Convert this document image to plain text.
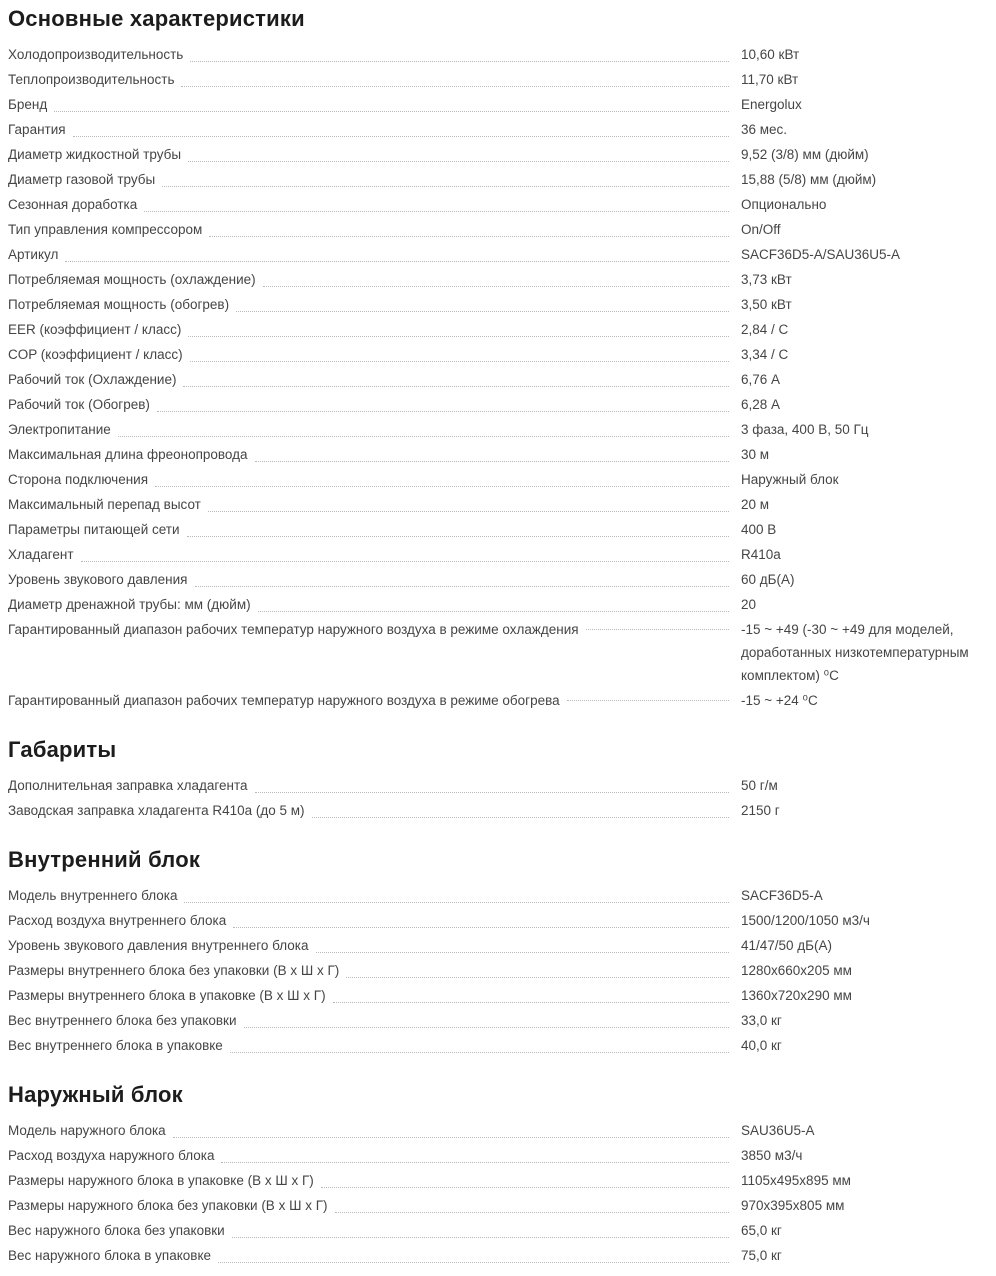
Основные характеристики
Холодопроизводительность	10,60 кВт
Теплопроизводительность	11,70 кВт
Бренд	Energolux
Гарантия	36 мес.
Диаметр жидкостной трубы	9,52 (3/8) мм (дюйм)
Диаметр газовой трубы	15,88 (5/8) мм (дюйм)
Сезонная доработка	Опционально
Тип управления компрессором	On/Off
Артикул	SACF36D5-A/SAU36U5-A
Потребляемая мощность (охлаждение)	3,73 кВт
Потребляемая мощность (обогрев)	3,50 кВт
EER (коэффициент / класс)	2,84 / C
COP (коэффициент / класс)	3,34 / C
Рабочий ток (Охлаждение)	6,76 А
Рабочий ток (Обогрев)	6,28 А
Электропитание	3 фаза, 400 В, 50 Гц
Максимальная длина фреонопровода	30 м
Сторона подключения	Наружный блок
Максимальный перепад высот	20 м
Параметры питающей сети	400 В
Хладагент	R410a
Уровень звукового давления	60 дБ(А)
Диаметр дренажной трубы: мм (дюйм)	20
Гарантированный диапазон рабочих температур наружного воздуха в режиме охлаждения	-15 ~ +49 (-30 ~ +49 для моделей, доработанных низкотемпературным комплектом) ⁰С
Гарантированный диапазон рабочих температур наружного воздуха в режиме обогрева	-15 ~ +24 ⁰С
Габариты
Дополнительная заправка хладагента	50 г/м
Заводская заправка хладагента R410a (до 5 м)	2150 г
Внутренний блок
Модель внутреннего блока	SACF36D5-A
Расход воздуха внутреннего блока	1500/1200/1050 м3/ч
Уровень звукового давления внутреннего блока	41/47/50 дБ(А)
Размеры внутреннего блока без упаковки (В х Ш х Г)	1280х660х205 мм
Размеры внутреннего блока в упаковке (В х Ш х Г)	1360х720х290 мм
Вес внутреннего блока без упаковки	33,0 кг
Вес внутреннего блока в упаковке	40,0 кг
Наружный блок
Модель наружного блока	SAU36U5-A
Расход воздуха наружного блока	3850 м3/ч
Размеры наружного блока в упаковке (В х Ш х Г)	1105х495х895 мм
Размеры наружного блока без упаковки (В х Ш х Г)	970х395х805 мм
Вес наружного блока без упаковки	65,0 кг
Вес наружного блока в упаковке	75,0 кг
